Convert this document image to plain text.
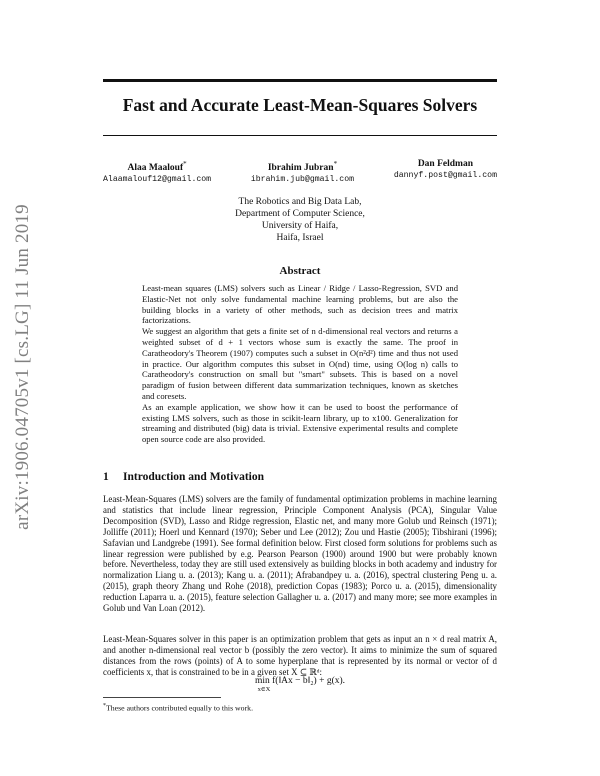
arXiv:1906.04705v1 [cs.LG] 11 Jun 2019
Fast and Accurate Least-Mean-Squares Solvers
Alaa Maalouf*
Alaamalouf12@gmail.com
Ibrahim Jubran*
ibrahim.jub@gmail.com
Dan Feldman
dannyf.post@gmail.com
The Robotics and Big Data Lab,
Department of Computer Science,
University of Haifa,
Haifa, Israel
Abstract

Least-mean squares (LMS) solvers such as Linear / Ridge / Lasso-Regression, SVD and Elastic-Net not only solve fundamental machine learning problems, but are also the building blocks in a variety of other methods, such as decision trees and matrix factorizations.

We suggest an algorithm that gets a finite set of n d-dimensional real vectors and returns a weighted subset of d + 1 vectors whose sum is exactly the same. The proof in Caratheodory's Theorem (1907) computes such a subset in O(n²d²) time and thus not used in practice. Our algorithm computes this subset in O(nd) time, using O(log n) calls to Caratheodory's construction on small but "smart" subsets. This is based on a novel paradigm of fusion between different data summarization techniques, known as sketches and coresets.

As an example application, we show how it can be used to boost the performance of existing LMS solvers, such as those in scikit-learn library, up to x100. Generalization for streaming and distributed (big) data is trivial. Extensive experimental results and complete open source code are also provided.

1 Introduction and Motivation

Least-Mean-Squares (LMS) solvers are the family of fundamental optimization problems in machine learning and statistics that include linear regression, Principle Component Analysis (PCA), Singular Value Decomposition (SVD), Lasso and Ridge regression, Elastic net, and many more Golub und Reinsch (1971); Jolliffe (2011); Hoerl und Kennard (1970); Seber und Lee (2012); Zou und Hastie (2005); Tibshirani (1996); Safavian und Landgrebe (1991). See formal definition below. First closed form solutions for problems such as linear regression were published by e.g. Pearson Pearson (1900) around 1900 but were probably known before. Nevertheless, today they are still used extensively as building blocks in both academy and industry for normalization Liang u. a. (2013); Kang u. a. (2011); Afrabandpey u. a. (2016), spectral clustering Peng u. a. (2015), graph theory Zhang und Rohe (2018), prediction Copas (1983); Porco u. a. (2015), dimensionality reduction Laparra u. a. (2015), feature selection Gallagher u. a. (2017) and many more; see more examples in Golub und Van Loan (2012).

Least-Mean-Squares solver in this paper is an optimization problem that gets as input an n × d real matrix A, and another n-dimensional real vector b (possibly the zero vector). It aims to minimize the sum of squared distances from the rows (points) of A to some hyperplane that is represented by its normal or vector of d coefficients x, that is constrained to be in a given set X ⊆ ℝᵈ:

min f(‖Ax − b‖₂) + g(x).
x∈X
*These authors contributed equally to this work.
